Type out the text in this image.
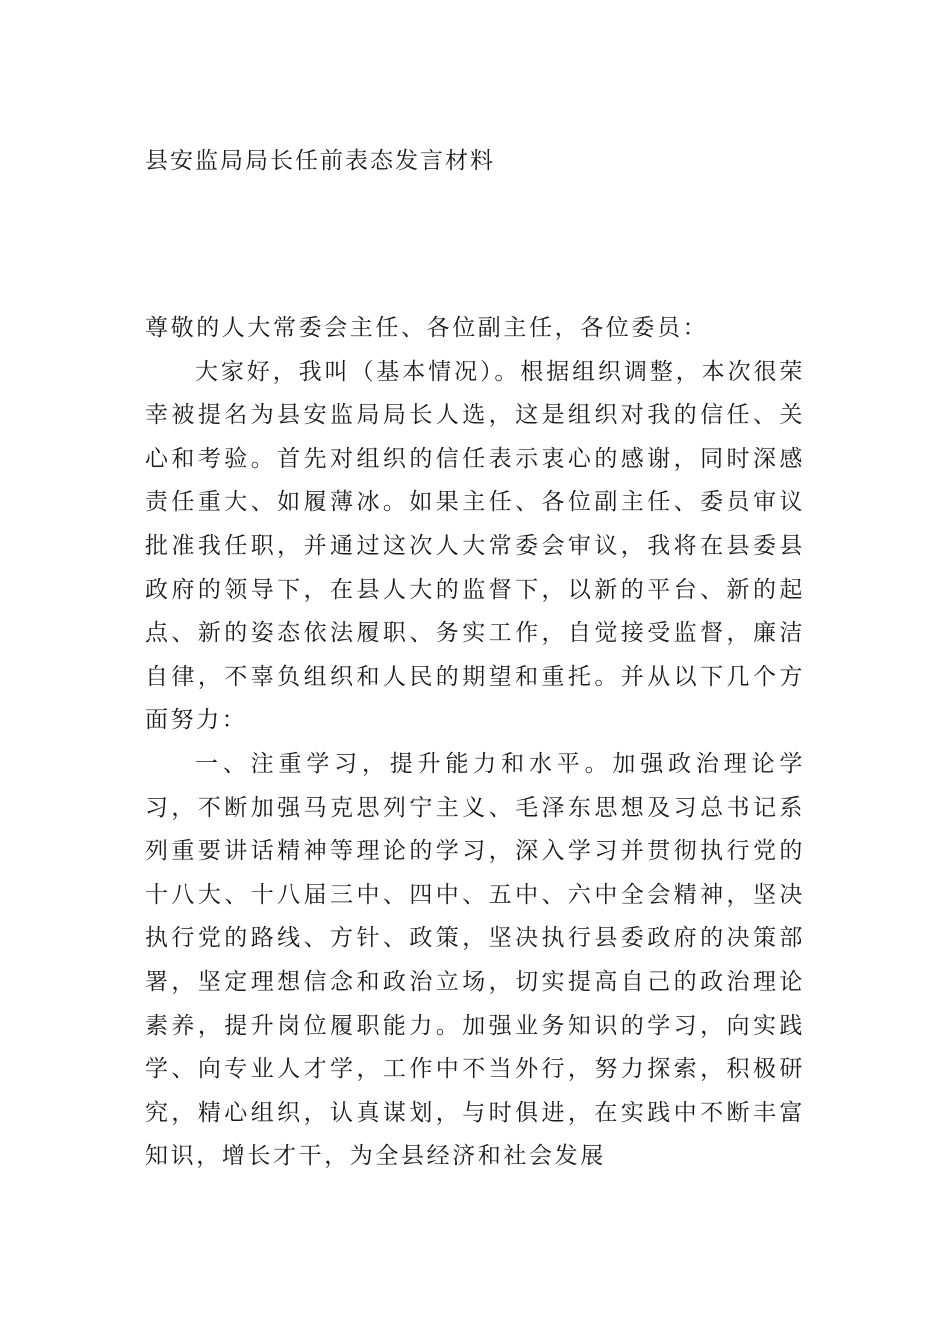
县安监局局长任前表态发言材料

尊敬的人大常委会主任、各位副主任，各位委员：

大家好，我叫（基本情况）。根据组织调整，本次很荣幸被提名为县安监局局长人选，这是组织对我的信任、关心和考验。首先对组织的信任表示衷心的感谢，同时深感责任重大、如履薄冰。如果主任、各位副主任、委员审议批准我任职，并通过这次人大常委会审议，我将在县委县政府的领导下，在县人大的监督下，以新的平台、新的起点、新的姿态依法履职、务实工作，自觉接受监督，廉洁自律，不辜负组织和人民的期望和重托。并从以下几个方面努力：

一、注重学习，提升能力和水平。加强政治理论学习，不断加强马克思列宁主义、毛泽东思想及习总书记系列重要讲话精神等理论的学习，深入学习并贯彻执行党的十八大、十八届三中、四中、五中、六中全会精神，坚决执行党的路线、方针、政策，坚决执行县委政府的决策部署，坚定理想信念和政治立场，切实提高自己的政治理论素养，提升岗位履职能力。加强业务知识的学习，向实践学、向专业人才学，工作中不当外行，努力探索，积极研究，精心组织，认真谋划，与时俱进，在实践中不断丰富知识，增长才干，为全县经济和社会发展
